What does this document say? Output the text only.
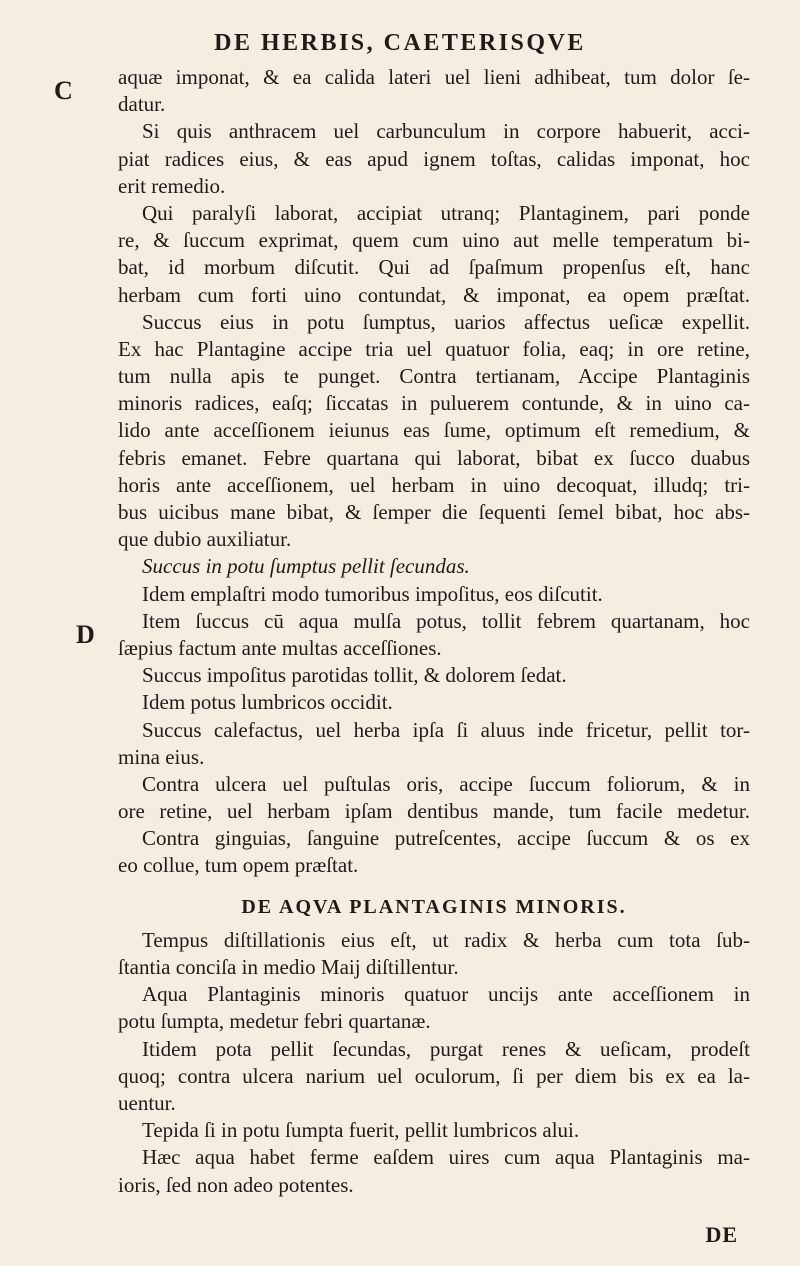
DE HERBIS, CAETERISQVE
C
D
aquæ imponat, & ea calida lateri uel lieni adhibeat, tum dolor ſe-
datur.
Si quis anthracem uel carbunculum in corpore habuerit, acci-
piat radices eius, & eas apud ignem toſtas, calidas imponat, hoc
erit remedio.
Qui paralyſi laborat, accipiat utranq; Plantaginem, pari ponde
re, & ſuccum exprimat, quem cum uino aut melle temperatum bi-
bat, id morbum diſcutit. Qui ad ſpaſmum propenſus eſt, hanc
herbam cum forti uino contundat, & imponat, ea opem præſtat.
Succus eius in potu ſumptus, uarios affectus ueſicæ expellit.
Ex hac Plantagine accipe tria uel quatuor folia, eaq; in ore retine,
tum nulla apis te punget. Contra tertianam, Accipe Plantaginis
minoris radices, eaſq; ſiccatas in puluerem contunde, & in uino ca-
lido ante acceſſionem ieiunus eas ſume, optimum eſt remedium, &
febris emanet. Febre quartana qui laborat, bibat ex ſucco duabus
horis ante acceſſionem, uel herbam in uino decoquat, illudq; tri-
bus uicibus mane bibat, & ſemper die ſequenti ſemel bibat, hoc abs-
que dubio auxiliatur.
Succus in potu ſumptus pellit ſecundas.
Idem emplaſtri modo tumoribus impoſitus, eos diſcutit.
Item ſuccus cū aqua mulſa potus, tollit febrem quartanam, hoc
ſæpius factum ante multas acceſſiones.
Succus impoſitus parotidas tollit, & dolorem ſedat.
Idem potus lumbricos occidit.
Succus calefactus, uel herba ipſa ſi aluus inde fricetur, pellit tor-
mina eius.
Contra ulcera uel puſtulas oris, accipe ſuccum foliorum, & in
ore retine, uel herbam ipſam dentibus mande, tum facile medetur.
Contra ginguias, ſanguine putreſcentes, accipe ſuccum & os ex
eo collue, tum opem præſtat.
DE AQVA PLANTAGINIS MINORIS.
Tempus diſtillationis eius eſt, ut radix & herba cum tota ſub-
ſtantia conciſa in medio Maij diſtillentur.
Aqua Plantaginis minoris quatuor uncijs ante acceſſionem in
potu ſumpta, medetur febri quartanæ.
Itidem pota pellit ſecundas, purgat renes & ueſicam, prodeſt
quoq; contra ulcera narium uel oculorum, ſi per diem bis ex ea la-
uentur.
Tepida ſi in potu ſumpta fuerit, pellit lumbricos alui.
Hæc aqua habet ferme eaſdem uires cum aqua Plantaginis ma-
ioris, ſed non adeo potentes.
DE
